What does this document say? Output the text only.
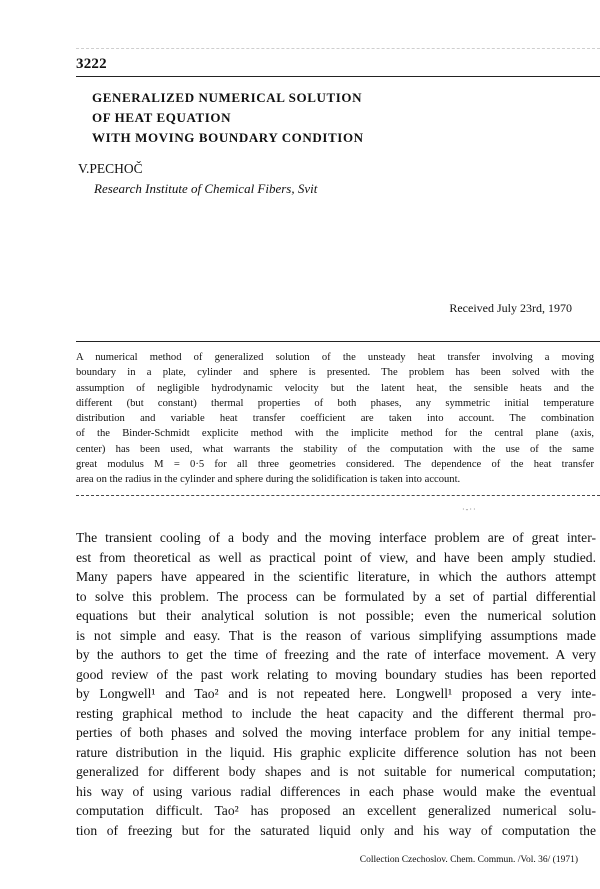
3222
GENERALIZED NUMERICAL SOLUTION
OF HEAT EQUATION
WITH MOVING BOUNDARY CONDITION
V.PECHOČ
Research Institute of Chemical Fibers, Svit
Received July 23rd, 1970
A numerical method of generalized solution of the unsteady heat transfer involving a moving
boundary in a plate, cylinder and sphere is presented. The problem has been solved with the
assumption of negligible hydrodynamic velocity but the latent heat, the sensible heats and the
different (but constant) thermal properties of both phases, any symmetric initial temperature
distribution and variable heat transfer coefficient are taken into account. The combination
of the Binder-Schmidt explicite method with the implicite method for the central plane (axis,
center) has been used, what warrants the stability of the computation with the use of the same
great modulus M = 0·5 for all three geometries considered. The dependence of the heat transfer
area on the radius in the cylinder and sphere during the solidification is taken into account.
·-··
The transient cooling of a body and the moving interface problem are of great inter-
est from theoretical as well as practical point of view, and have been amply studied.
Many papers have appeared in the scientific literature, in which the authors attempt
to solve this problem. The process can be formulated by a set of partial differential
equations but their analytical solution is not possible; even the numerical solution
is not simple and easy. That is the reason of various simplifying assumptions made
by the authors to get the time of freezing and the rate of interface movement. A very
good review of the past work relating to moving boundary studies has been reported
by Longwell¹ and Tao² and is not repeated here. Longwell¹ proposed a very inte-
resting graphical method to include the heat capacity and the different thermal pro-
perties of both phases and solved the moving interface problem for any initial tempe-
rature distribution in the liquid. His graphic explicite difference solution has not been
generalized for different body shapes and is not suitable for numerical computation;
his way of using various radial differences in each phase would make the eventual
computation difficult. Tao² has proposed an excellent generalized numerical solu-
tion of freezing but for the saturated liquid only and his way of computation the
Collection Czechoslov. Chem. Commun. /Vol. 36/ (1971)
